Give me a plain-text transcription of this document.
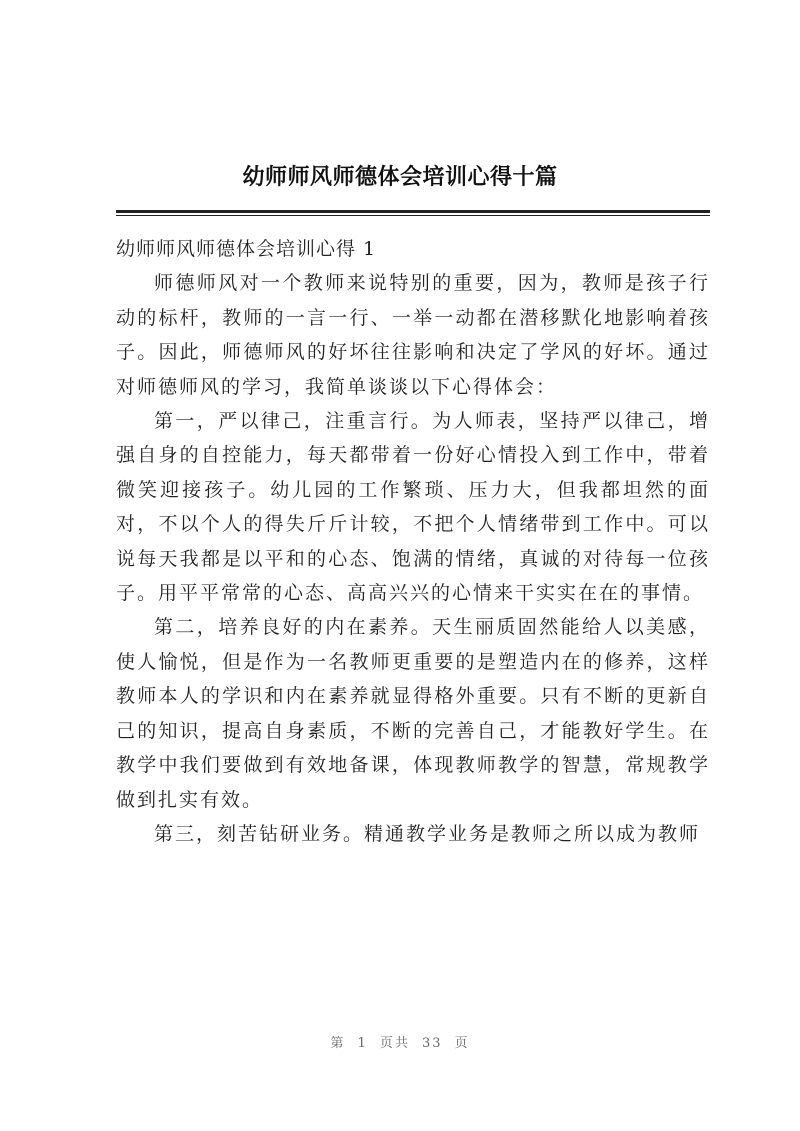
幼师师风师德体会培训心得十篇

幼师师风师德体会培训心得 1

师德师风对一个教师来说特别的重要，因为，教师是孩子行动的标杆，教师的一言一行、一举一动都在潜移默化地影响着孩子。因此，师德师风的好坏往往影响和决定了学风的好坏。通过对师德师风的学习，我简单谈谈以下心得体会：

第一，严以律己，注重言行。为人师表，坚持严以律己，增强自身的自控能力，每天都带着一份好心情投入到工作中，带着微笑迎接孩子。幼儿园的工作繁琐、压力大，但我都坦然的面对，不以个人的得失斤斤计较，不把个人情绪带到工作中。可以说每天我都是以平和的心态、饱满的情绪，真诚的对待每一位孩子。用平平常常的心态、高高兴兴的心情来干实实在在的事情。

第二，培养良好的内在素养。天生丽质固然能给人以美感，使人愉悦，但是作为一名教师更重要的是塑造内在的修养，这样教师本人的学识和内在素养就显得格外重要。只有不断的更新自己的知识，提高自身素质，不断的完善自己，才能教好学生。在教学中我们要做到有效地备课，体现教师教学的智慧，常规教学做到扎实有效。

第三，刻苦钻研业务。精通教学业务是教师之所以成为教师

第 1 页共 33 页
